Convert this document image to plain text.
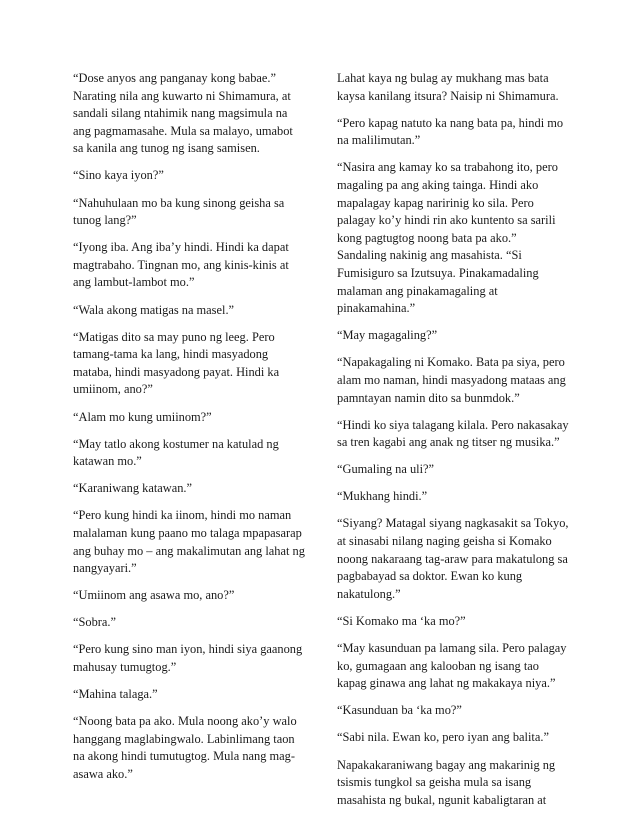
“Dose anyos ang panganay kong babae.” Narating nila ang kuwarto ni Shimamura, at sandali silang ntahimik nang magsimula na ang pagmamasahe. Mula sa malayo, umabot sa kanila ang tunog ng isang samisen.

“Sino kaya iyon?”

“Nahuhulaan mo ba kung sinong geisha sa tunog lang?”

“Iyong iba. Ang iba’y hindi. Hindi ka dapat magtrabaho. Tingnan mo, ang kinis-kinis at ang lambut-lambot mo.”

“Wala akong matigas na masel.”

“Matigas dito sa may puno ng leeg. Pero tamang-tama ka lang, hindi masyadong mataba, hindi masyadong payat. Hindi ka umiinom, ano?”

“Alam mo kung umiinom?”

“May tatlo akong kostumer na katulad ng katawan mo.”

“Karaniwang katawan.”

“Pero kung hindi ka iinom, hindi mo naman malalaman kung paano mo talaga mpapasarap ang buhay mo – ang makalimutan ang lahat ng nangyayari.”

“Umiinom ang asawa mo, ano?”

“Sobra.”

“Pero kung sino man iyon, hindi siya gaanong mahusay tumugtog.”

“Mahina talaga.”

“Noong bata pa ako. Mula noong ako’y walo hanggang maglabingwalo. Labinlimang taon na akong hindi tumutugtog. Mula nang mag-asawa ako.”

Lahat kaya ng bulag ay mukhang mas bata kaysa kanilang itsura? Naisip ni Shimamura.

“Pero kapag natuto ka nang bata pa, hindi mo na malilimutan.”

“Nasira ang kamay ko sa trabahong ito, pero magaling pa ang aking tainga. Hindi ako mapalagay kapag naririnig ko sila. Pero palagay ko’y hindi rin ako kuntento sa sarili kong pagtugtog noong bata pa ako.” Sandaling nakinig ang masahista. “Si Fumisiguro sa Izutsuya. Pinakamadaling malaman ang pinakamagaling at pinakamahina.”

“May magagaling?”

“Napakagaling ni Komako. Bata pa siya, pero alam mo naman, hindi masyadong mataas ang pamntayan namin dito sa bunmdok.”

“Hindi ko siya talagang kilala. Pero nakasakay sa tren kagabi ang anak ng titser ng musika.”

“Gumaling na uli?”

“Mukhang hindi.”

“Siyang? Matagal siyang nagkasakit sa Tokyo, at sinasabi nilang naging geisha si Komako noong nakaraang tag-araw para makatulong sa pagbabayad sa doktor. Ewan ko kung nakatulong.”

“Si Komako ma ‘ka mo?”

“May kasunduan pa lamang sila. Pero palagay ko, gumagaan ang kalooban ng isang tao kapag ginawa ang lahat ng makakaya niya.”

“Kasunduan ba ‘ka mo?”

“Sabi nila. Ewan ko, pero iyan ang balita.”

Napakakaraniwang bagay ang makarinig ng tsismis tungkol sa geisha mula sa isang masahista ng bukal, ngunit kabaligtaran at
